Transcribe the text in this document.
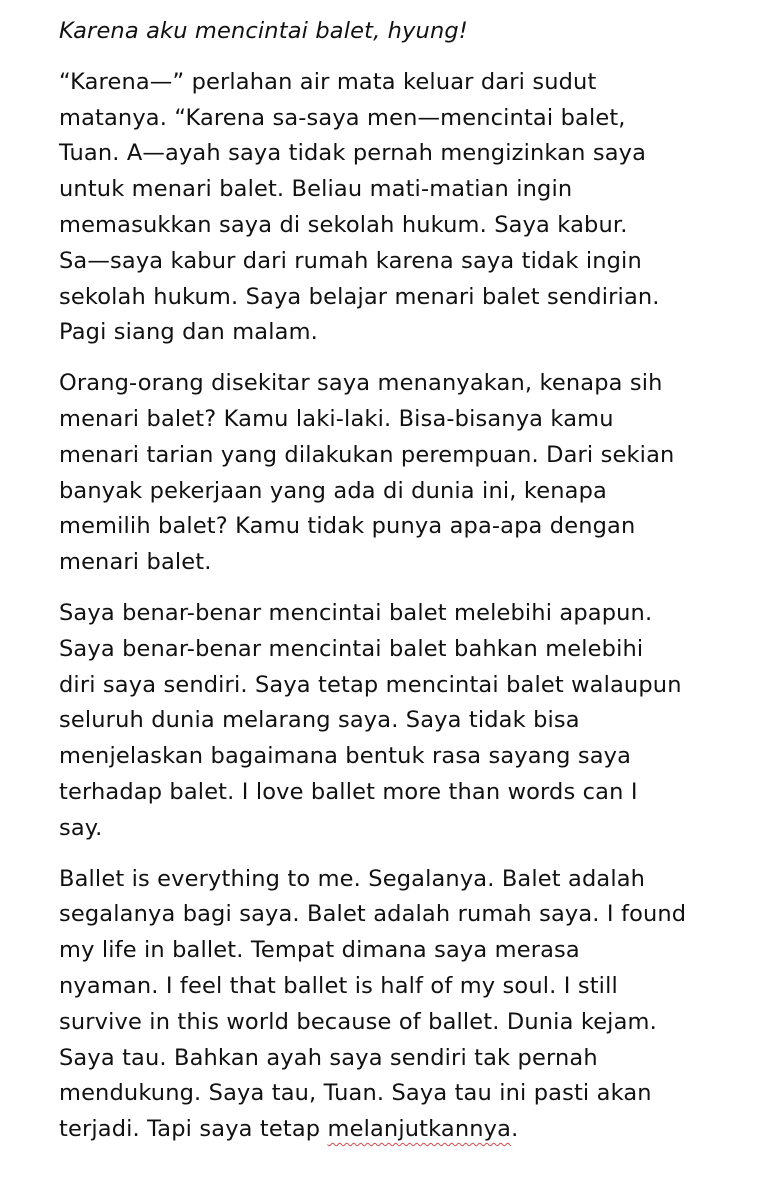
Karena aku mencintai balet, hyung!
“Karena—” perlahan air mata keluar dari sudut
matanya. “Karena sa-saya men—mencintai balet,
Tuan. A—ayah saya tidak pernah mengizinkan saya
untuk menari balet. Beliau mati-matian ingin
memasukkan saya di sekolah hukum. Saya kabur.
Sa—saya kabur dari rumah karena saya tidak ingin
sekolah hukum. Saya belajar menari balet sendirian.
Pagi siang dan malam.
Orang-orang disekitar saya menanyakan, kenapa sih
menari balet? Kamu laki-laki. Bisa-bisanya kamu
menari tarian yang dilakukan perempuan. Dari sekian
banyak pekerjaan yang ada di dunia ini, kenapa
memilih balet? Kamu tidak punya apa-apa dengan
menari balet.
Saya benar-benar mencintai balet melebihi apapun.
Saya benar-benar mencintai balet bahkan melebihi
diri saya sendiri. Saya tetap mencintai balet walaupun
seluruh dunia melarang saya. Saya tidak bisa
menjelaskan bagaimana bentuk rasa sayang saya
terhadap balet. I love ballet more than words can I
say.
Ballet is everything to me. Segalanya. Balet adalah
segalanya bagi saya. Balet adalah rumah saya. I found
my life in ballet. Tempat dimana saya merasa
nyaman. I feel that ballet is half of my soul. I still
survive in this world because of ballet. Dunia kejam.
Saya tau. Bahkan ayah saya sendiri tak pernah
mendukung. Saya tau, Tuan. Saya tau ini pasti akan
terjadi. Tapi saya tetap melanjutkannya.
